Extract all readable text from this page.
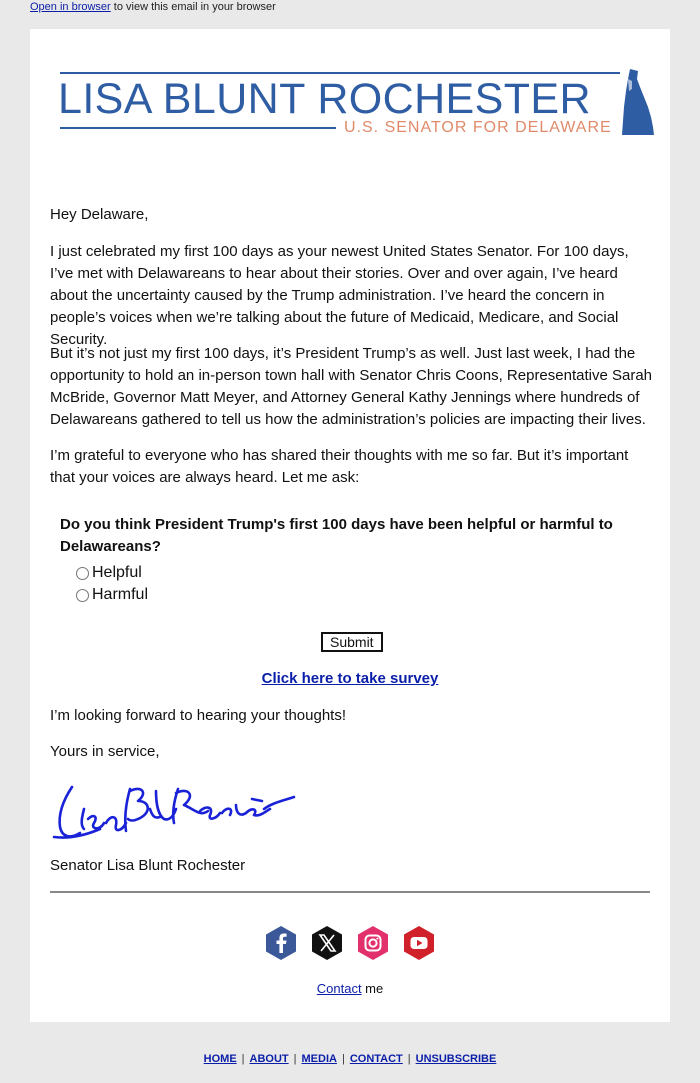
Open in browser to view this email in your browser
LISA BLUNT ROCHESTER
U.S. SENATOR FOR DELAWARE
Hey Delaware,

I just celebrated my first 100 days as your newest United States Senator. For 100 days, I’ve met with Delawareans to hear about their stories. Over and over again, I’ve heard about the uncertainty caused by the Trump administration. I’ve heard the concern in people’s voices when we’re talking about the future of Medicaid, Medicare, and Social Security.

But it’s not just my first 100 days, it’s President Trump’s as well. Just last week, I had the opportunity to hold an in-person town hall with Senator Chris Coons, Representative Sarah McBride, Governor Matt Meyer, and Attorney General Kathy Jennings where hundreds of Delawareans gathered to tell us how the administration’s policies are impacting their lives.

I’m grateful to everyone who has shared their thoughts with me so far. But it’s important that your voices are always heard. Let me ask:

Do you think President Trump's first 100 days have been helpful or harmful to Delawareans?
Helpful
Harmful
Submit
Click here to take survey
I’m looking forward to hearing your thoughts!
Yours in service,
Senator Lisa Blunt Rochester
Contact me
HOME | ABOUT | MEDIA | CONTACT | UNSUBSCRIBE
